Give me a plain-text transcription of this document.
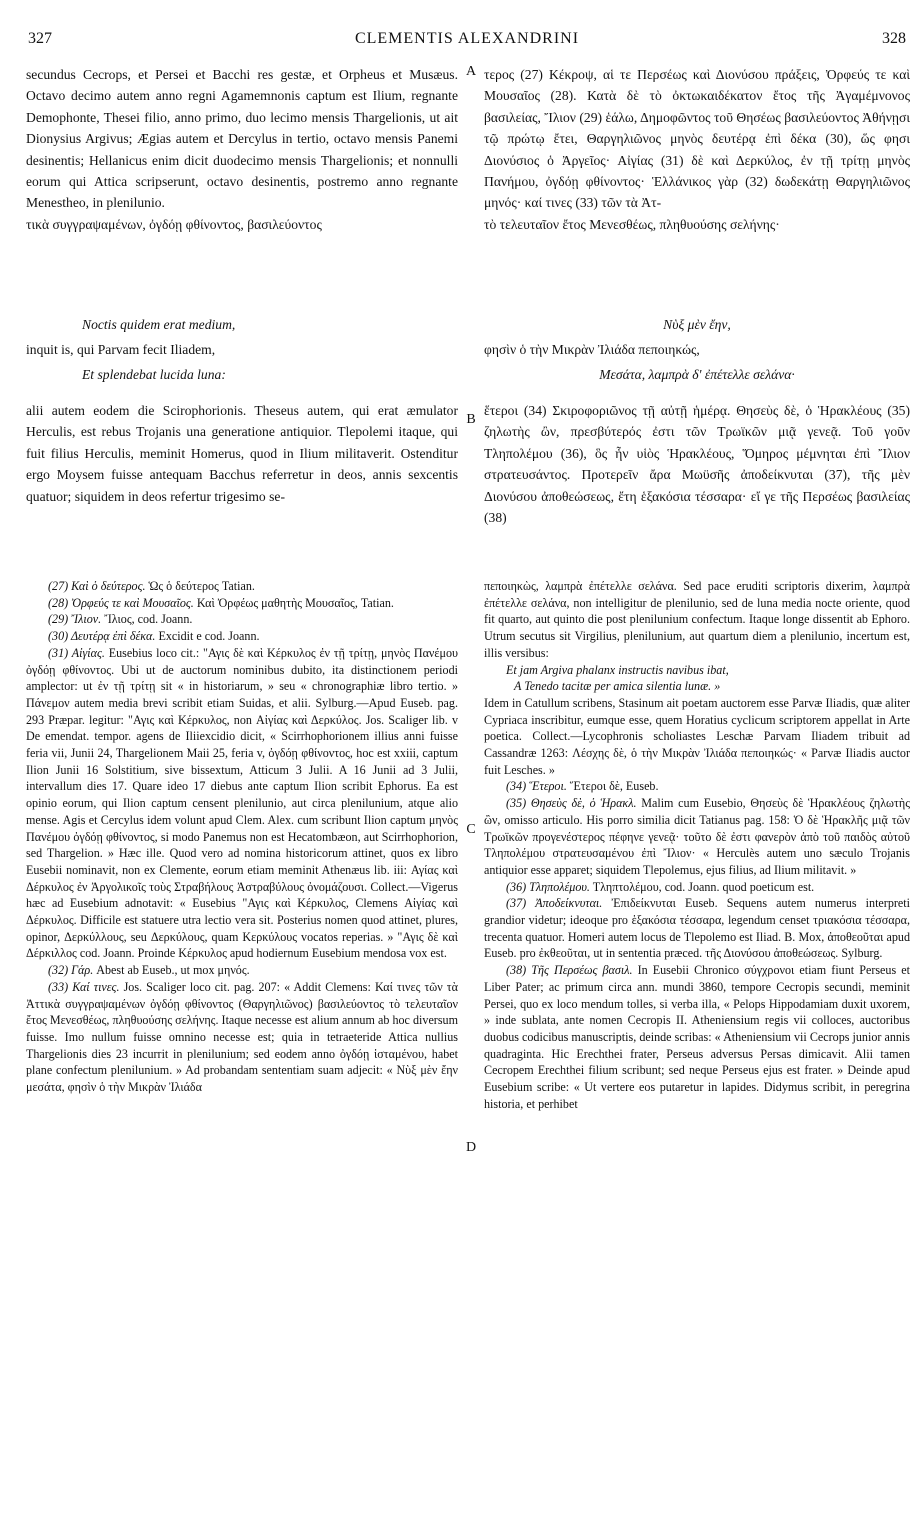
327	CLEMENTIS ALEXANDRINI	328

secundus Cecrops, et Persei et Bacchi res gestæ, et Orpheus et Musæus. Octavo decimo autem anno regni Agamemnonis captum est Ilium, regnante Demophonte, Thesei filio, anno primo, duo lecimo mensis Thargelionis, ut ait Dionysius Argivus; Ægias autem et Dercylus in tertio, octavo mensis Panemi desinentis; Hellanicus enim dicit duodecimo mensis Thargelionis; et nonnulli eorum qui Attica scripserunt, octavo desinentis, postremo anno regnante Menestheo, in plenilunio.

τικὰ συγγραψαμένων, ὀγδόῃ φθίνοντος, βασιλεύοντος

τερος (27) Κέκροψ, αἱ τε Περσέως καὶ Διονύσου πράξεις, Ὀρφεύς τε καὶ Μουσαῖος (28). Κατὰ δὲ τὸ ὀκτωκαιδέκατον ἔτος τῆς Ἀγαμέμνονος βασιλείας, Ἴλιον (29) ἑάλω, Δημοφῶντος τοῦ Θησέως βασιλεύοντος Ἀθήνῃσι τῷ πρώτῳ ἔτει, Θαργηλιῶνος μηνὸς δευτέρᾳ ἐπὶ δέκα (30), ὥς φησι Διονύσιος ὁ Ἀργεῖος· Αἰγίας (31) δὲ καὶ Δερκύλος, ἐν τῇ τρίτῃ μηνὸς Πανήμου, ὀγδόῃ φθίνοντος· Ἑλλάνικος γὰρ (32) δωδεκάτῃ Θαργηλιῶνος μηνός· καί τινες (33) τῶν τὰ Ἀτ-

τὸ τελευταῖον ἔτος Μενεσθέως, πληθυούσης σελήνης·

Noctis quidem erat medium,

inquit is, qui Parvam fecit Iliadem,

Et splendebat lucida luna:

Νὺξ μὲν ἔην,

φησὶν ὁ τὴν Μικρὰν Ἰλιάδα πεποιηκώς,

Μεσάτα, λαμπρὰ δ' ἐπέτελλε σελάνα·

alii autem eodem die Scirophorionis. Theseus autem, qui erat æmulator Herculis, est rebus Trojanis una generatione antiquior. Tlepolemi itaque, qui fuit filius Herculis, meminit Homerus, quod in Ilium militaverit. Ostenditur ergo Moysem fuisse antequam Bacchus referretur in deos, annis sexcentis quatuor; siquidem in deos refertur trigesimo se-

ἕτεροι (34) Σκιροφοριῶνος τῇ αὐτῇ ἡμέρᾳ. Θησεὺς δὲ, ὁ Ἡρακλέους (35) ζηλωτὴς ὢν, πρεσβύτερός ἐστι τῶν Τρωϊκῶν μιᾷ γενεᾷ. Τοῦ γοῦν Τληπολέμου (36), ὃς ἦν υἱὸς Ἡρακλέους, Ὅμηρος μέμνηται ἐπὶ Ἴλιον στρατευσάντος. Προτερεῖν ἄρα Μωϋσῆς ἀποδείκνυται (37), τῆς μὲν Διονύσου ἀποθεώσεως, ἔτη ἑξακόσια τέσσαρα· εἴ γε τῆς Περσέως βασιλείας (38)

A
B
C
D

(27) Καὶ ὁ δεύτερος. Ὡς ὁ δεύτερος Tatian.

(28) Ὀρφεύς τε καὶ Μουσαῖος. Καὶ Ὀρφέως μαθητὴς Μουσαῖος, Tatian.

(29) Ἴλιον. Ἴλιος, cod. Joann.

(30) Δευτέρᾳ ἐπὶ δέκα. Excidit e cod. Joann.

(31) Αἰγίας. Eusebius loco cit.: "Αγις δὲ καὶ Κέρκυλος ἐν τῇ τρίτῃ, μηνὸς Πανέμου ὀγδόῃ φθίνοντος. Ubi ut de auctorum nominibus dubito, ita distinctionem periodi amplector: ut ἐν τῇ τρίτῃ sit « in historiarum, » seu « chronographiæ libro tertio. » Πάνεμον autem media brevi scribit etiam Suidas, et alii. Sylburg.—Apud Euseb. pag. 293 Præpar. legitur: "Αγις καὶ Κέρκυλος, non Αἰγίας καὶ Δερκύλος. Jos. Scaliger lib. v De emendat. tempor. agens de Iliiexcidio dicit, « Scirrhophorionem illius anni fuisse feria vii, Junii 24, Thargelionem Maii 25, feria v, ὀγδόῃ φθίνοντος, hoc est xxiii, captum Ilion Junii 16 Solstitium, sive bissextum, Atticum 3 Julii. A 16 Junii ad 3 Julii, intervallum dies 17. Quare ideo 17 diebus ante captum Ilion scribit Ephorus. Ea est opinio eorum, qui Ilion captum censent plenilunio, aut circa plenilunium, atque alio mense. Agis et Cercylus idem volunt apud Clem. Alex. cum scribunt Ilion captum μηνὸς Πανέμου ὀγδόῃ φθίνοντος, si modo Panemus non est Hecatombæon, aut Scirrhophorion, sed Thargelion. » Hæc ille. Quod vero ad nomina historicorum attinet, quos ex libro Eusebii nominavit, non ex Clemente, eorum etiam meminit Athenæus lib. iii: Αγίας καὶ Δέρκυλος ἐν Ἀργολικοῖς τοὺς Στραβήλους Ἀστραβύλους ὀνομάζουσι. Collect.—Vigerus hæc ad Eusebium adnotavit: « Eusebius "Αγις καὶ Κέρκυλος, Clemens Αἰγίας καὶ Δέρκυλος. Difficile est statuere utra lectio vera sit. Posterius nomen quod attinet, plures, opinor, Δερκύλλους, seu Δερκύλους, quam Κερκύλους vocatos reperias. » "Αγις δὲ καὶ Δέρκιλλος cod. Joann. Proinde Κέρκυλος apud hodiernum Eusebium mendosa vox est.

(32) Γάρ. Abest ab Euseb., ut mox μηνός.

(33) Καί τινες. Jos. Scaliger loco cit. pag. 207: « Addit Clemens: Καί τινες τῶν τὰ Ἀττικὰ συγγραψαμένων ὀγδόῃ φθίνοντος (Θαργηλιῶνος) βασιλεύοντος τὸ τελευταῖον ἔτος Μενεσθέως, πληθυούσης σελήνης. Itaque necesse est alium annum ab hoc diversum fuisse. Imo nullum fuisse omnino necesse est; quia in tetraeteride Attica nullius Thargelionis dies 23 incurrit in plenilunium; sed eodem anno ὀγδόῃ ἱσταμένου, habet plane confectum plenilunium. » Ad probandam sententiam suam adjecit: « Νὺξ μὲν ἔην μεσάτα, φησὶν ὁ τὴν Μικρὰν Ἰλιάδα

πεποιηκὼς, λαμπρὰ ἐπέτελλε σελάνα. Sed pace eruditi scriptoris dixerim, λαμπρὰ ἐπέτελλε σελάνα, non intelligitur de plenilunio, sed de luna media nocte oriente, quod fit quarto, aut quinto die post plenilunium confectum. Itaque longe dissentit ab Ephoro. Utrum secutus sit Virgilius, plenilunium, aut quartum diem a plenilunio, incertum est, illis versibus:

Et jam Argiva phalanx instructis navibus ibat,

A Tenedo tacitæ per amica silentia lunæ. »

Idem in Catullum scribens, Stasinum ait poetam auctorem esse Parvæ Iliadis, quæ aliter Cypriaca inscribitur, eumque esse, quem Horatius cyclicum scriptorem appellat in Arte poetica. Collect.—Lycophronis scholiastes Leschæ Parvam Iliadem tribuit ad Cassandræ 1263: Λέσχης δὲ, ὁ τὴν Μικρὰν Ἰλιάδα πεποιηκώς· « Parvæ Iliadis auctor fuit Lesches. »

(34) Ἕτεροι. Ἕτεροι δὲ, Euseb.

(35) Θησεὺς δὲ, ὁ Ἡρακλ. Malim cum Eusebio, Θησεὺς δὲ Ἡρακλέους ζηλωτὴς ὢν, omisso articulo. His porro similia dicit Tatianus pag. 158: Ὁ δὲ Ἡρακλῆς μιᾷ τῶν Τρωϊκῶν προγενέστερος πέφηνε γενεᾷ· τοῦτο δὲ ἐστι φανερὸν ἀπὸ τοῦ παιδὸς αὐτοῦ Τληπολέμου στρατευσαμένου ἐπὶ Ἴλιον· « Herculès autem uno sæculo Trojanis antiquior esse apparet; siquidem Tlepolemus, ejus filius, ad Ilium militavit. »

(36) Τληπολέμου. Τληπτολέμου, cod. Joann. quod poeticum est.

(37) Ἀποδείκνυται. Ἐπιδείκνυται Euseb. Sequens autem numerus interpreti grandior videtur; ideoque pro ἑξακόσια τέσσαρα, legendum censet τριακόσια τέσσαρα, trecenta quatuor. Homeri autem locus de Tlepolemo est Iliad. B. Mox, ἀποθεοῦται apud Euseb. pro ἐκθεοῦται, ut in sententia præced. τῆς Διονύσου ἀποθεώσεως. Sylburg.

(38) Τῆς Περσέως βασιλ. In Eusebii Chronico σύγχρονοι etiam fiunt Perseus et Liber Pater; ac primum circa ann. mundi 3860, tempore Cecropis secundi, meminit Persei, quo ex loco mendum tolles, si verba illa, « Pelops Hippodamiam duxit uxorem, » inde sublata, ante nomen Cecropis II. Atheniensium regis vii colloces, auctoribus duobus codicibus manuscriptis, deinde scribas: « Atheniensium vii Cecrops junior annis quadraginta. Hic Erechthei frater, Perseus adversus Persas dimicavit. Alii tamen Cecropem Erechthei filium scribunt; sed neque Perseus ejus est frater. » Deinde apud Eusebium scribe: « Ut vertere eos putaretur in lapides. Didymus scribit, in peregrina historia, et perhibet
